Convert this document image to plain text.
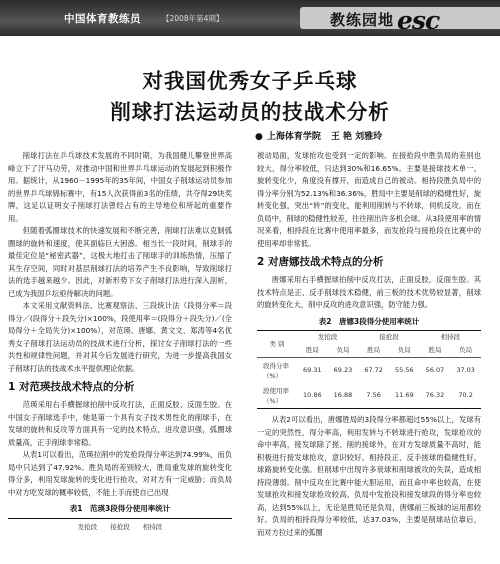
中国体育教练员	【2008年第4期】	教练园地 esc
对我国优秀女子乒乓球
削球打法运动员的技战术分析
● 上海体育学院 王 艳 刘雅玲

削球打法在乒乓球技术发展的不同时期，为我国健儿攀登世界高峰立下了汗马功劳，对推动中国和世界乒乓球运动的发展起到积极作用。据统计，从1960－1995年的35年间，中国女子削球运动员参加的世界乒乓球锦标赛中，有15人次获得前3名的佳绩，共夺得29块奖牌，这足以证明女子削球打法曾经占有的主导地位和所起的重要作用。

但随着弧圈球技术的快速发展和不断完善，削球打法难以克制弧圈球的旋转和速度，使其面临巨大困惑。相当长一段时间，削球手的最佳定位是“秘密武器”，这极大地打击了削球手的训练热情，压缩了其生存空间，同时对基层削球打法的培养产生不良影响，导致削球打法的选手越来越少。因此，对新形势下女子削球打法进行深入剖析，已成为我国乒坛亟待解决的问题。

本文采用文献资料法、比赛观察法、三段统计法（段得分率＝段得分／(段得分＋段失分)×100%，段使用率＝(段得分＋段失分)／(全局得分＋全局失分)×100%），对范瑛、唐娜、黄文文、郑涛等4名优秀女子削球打法运动员的技战术进行分析，探讨女子削球打法的一些共性和规律性问题，并对其今后发展进行研究，为进一步提高我国女子削球打法的技战术水平提供理论依据。

1 对范瑛技战术特点的分析

范瑛采用右手横握球拍削中反攻打法，正面反胶、反面生胶。在中国女子削球选手中，她是第一个具有女子技术男性化的削球手，在发球的旋转和反攻等方面具有一定的技术特点，进攻意识强，弧圈球质量高，正手削球非常稳。

从表1可以看出，范瑛拉削中的发抢段得分率达到74.99%，而负局中只达到了47.92%。胜负局的差别较大，胜局重发球的旋转变化得分多，利用发球旋转的变化进行抢攻，对对方有一定威胁；而负局中对方吃发球的概率较低，不能上手而使自己出现

表1　范瑛3段得分使用率统计
发抢段　　接抢段　　相持段

被动局面，发球抢攻也受到一定的影响。在接抢段中胜负局的差别也较大，得分率较低，只达到30%和16.65%。主要是接球技术单一，旋转变化少，角度没有撑开，而造成自己的被动。相持段胜负局中的得分率分别为52.13%和36.36%，胜局中主要是削球的稳健性好，旋转变化强，突出“转”的变化，能利用削转与不转球，伺机反攻。而在负局中，削球的稳健性较差，往往削出许多机会球。从3段使用率的情况来看，相持段在比赛中使用率最多，而发抢段与接抢段在比赛中的使用率却非常低。

2 对唐娜技战术特点的分析

唐娜采用右手横握球拍削中反攻打法，正面反胶，反面生胶。其技术特点是正、反手削球技术稳健，前三板的技术优势较显著，削球的旋转变化大，削中反攻的进攻意识强，防守能力强。

表2　唐娜3段得分使用率统计
类 别	发抢段		接抢段		相持段	
	胜局	负局	胜局	负局	胜局	负局
段得分率（%）	69.31	69.23	67.72	55.56	56.07	37.03
段使用率（%）	10.86	16.88	7.56	11.69	76.32	70.2

从表2可以看出，唐娜胜局的3段得分率都超过55%以上，发球有一定的突然性，得分率高，利用发转与不转球进行抢攻，发球抢攻的命中率高，接发球除了搓、削的接球外，在对方发球质量不高时，能积极进行接发球抢攻，意识较好。相持段正、反手搓球的稳健性好，球路旋转变化强。但削球中出现许多衰球和削球被攻的失误，造成相持段薄弱。削中反攻在比赛中能大胆运用，而且命中率也较高，在使发球抢攻和接发球抢攻较高。负局中发抢段和接发球段的得分率也较高，达到55%以上，无论是胜局还是负局，唐娜前三板球的运用都较好。负局的相持段得分率较低，达37.03%，主要是削球站位靠后，而对方拉过来的弧圈
